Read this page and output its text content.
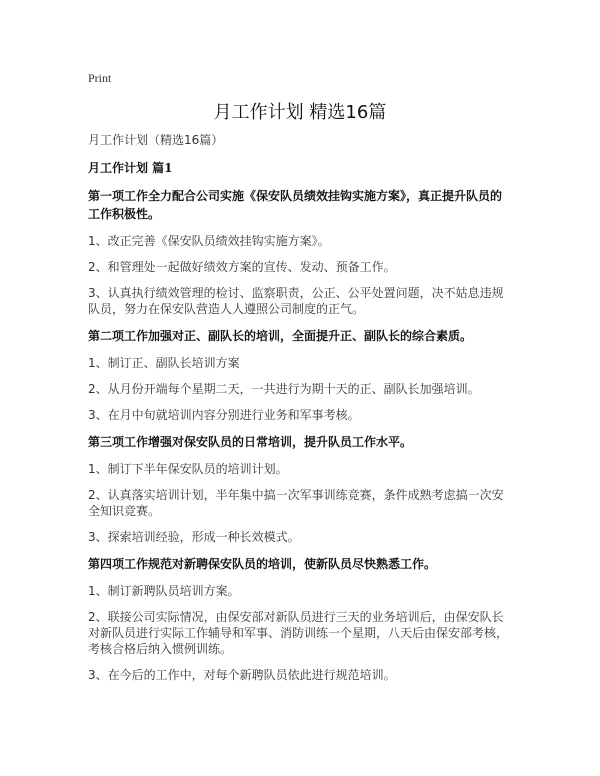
Print
月工作计划 精选16篇

月工作计划（精选16篇）

月工作计划 篇1

第一项工作全力配合公司实施《保安队员绩效挂钩实施方案》，真正提升队员的工作积极性。

1、改正完善《保安队员绩效挂钩实施方案》。

2、和管理处一起做好绩效方案的宣传、发动、预备工作。

3、认真执行绩效管理的检讨、监察职责，公正、公平处置问题，决不姑息违规队员，努力在保安队营造人人遵照公司制度的正气。

第二项工作加强对正、副队长的培训，全面提升正、副队长的综合素质。

1、制订正、副队长培训方案

2、从月份开端每个星期二天，一共进行为期十天的正、副队长加强培训。

3、在月中旬就培训内容分别进行业务和军事考核。

第三项工作增强对保安队员的日常培训，提升队员工作水平。

1、制订下半年保安队员的培训计划。

2、认真落实培训计划，半年集中搞一次军事训练竞赛，条件成熟考虑搞一次安全知识竞赛。

3、探索培训经验，形成一种长效模式。

第四项工作规范对新聘保安队员的培训，使新队员尽快熟悉工作。

1、制订新聘队员培训方案。

2、联接公司实际情况，由保安部对新队员进行三天的业务培训后，由保安队长对新队员进行实际工作辅导和军事、消防训练一个星期，八天后由保安部考核，考核合格后纳入惯例训练。

3、在今后的工作中，对每个新聘队员依此进行规范培训。
